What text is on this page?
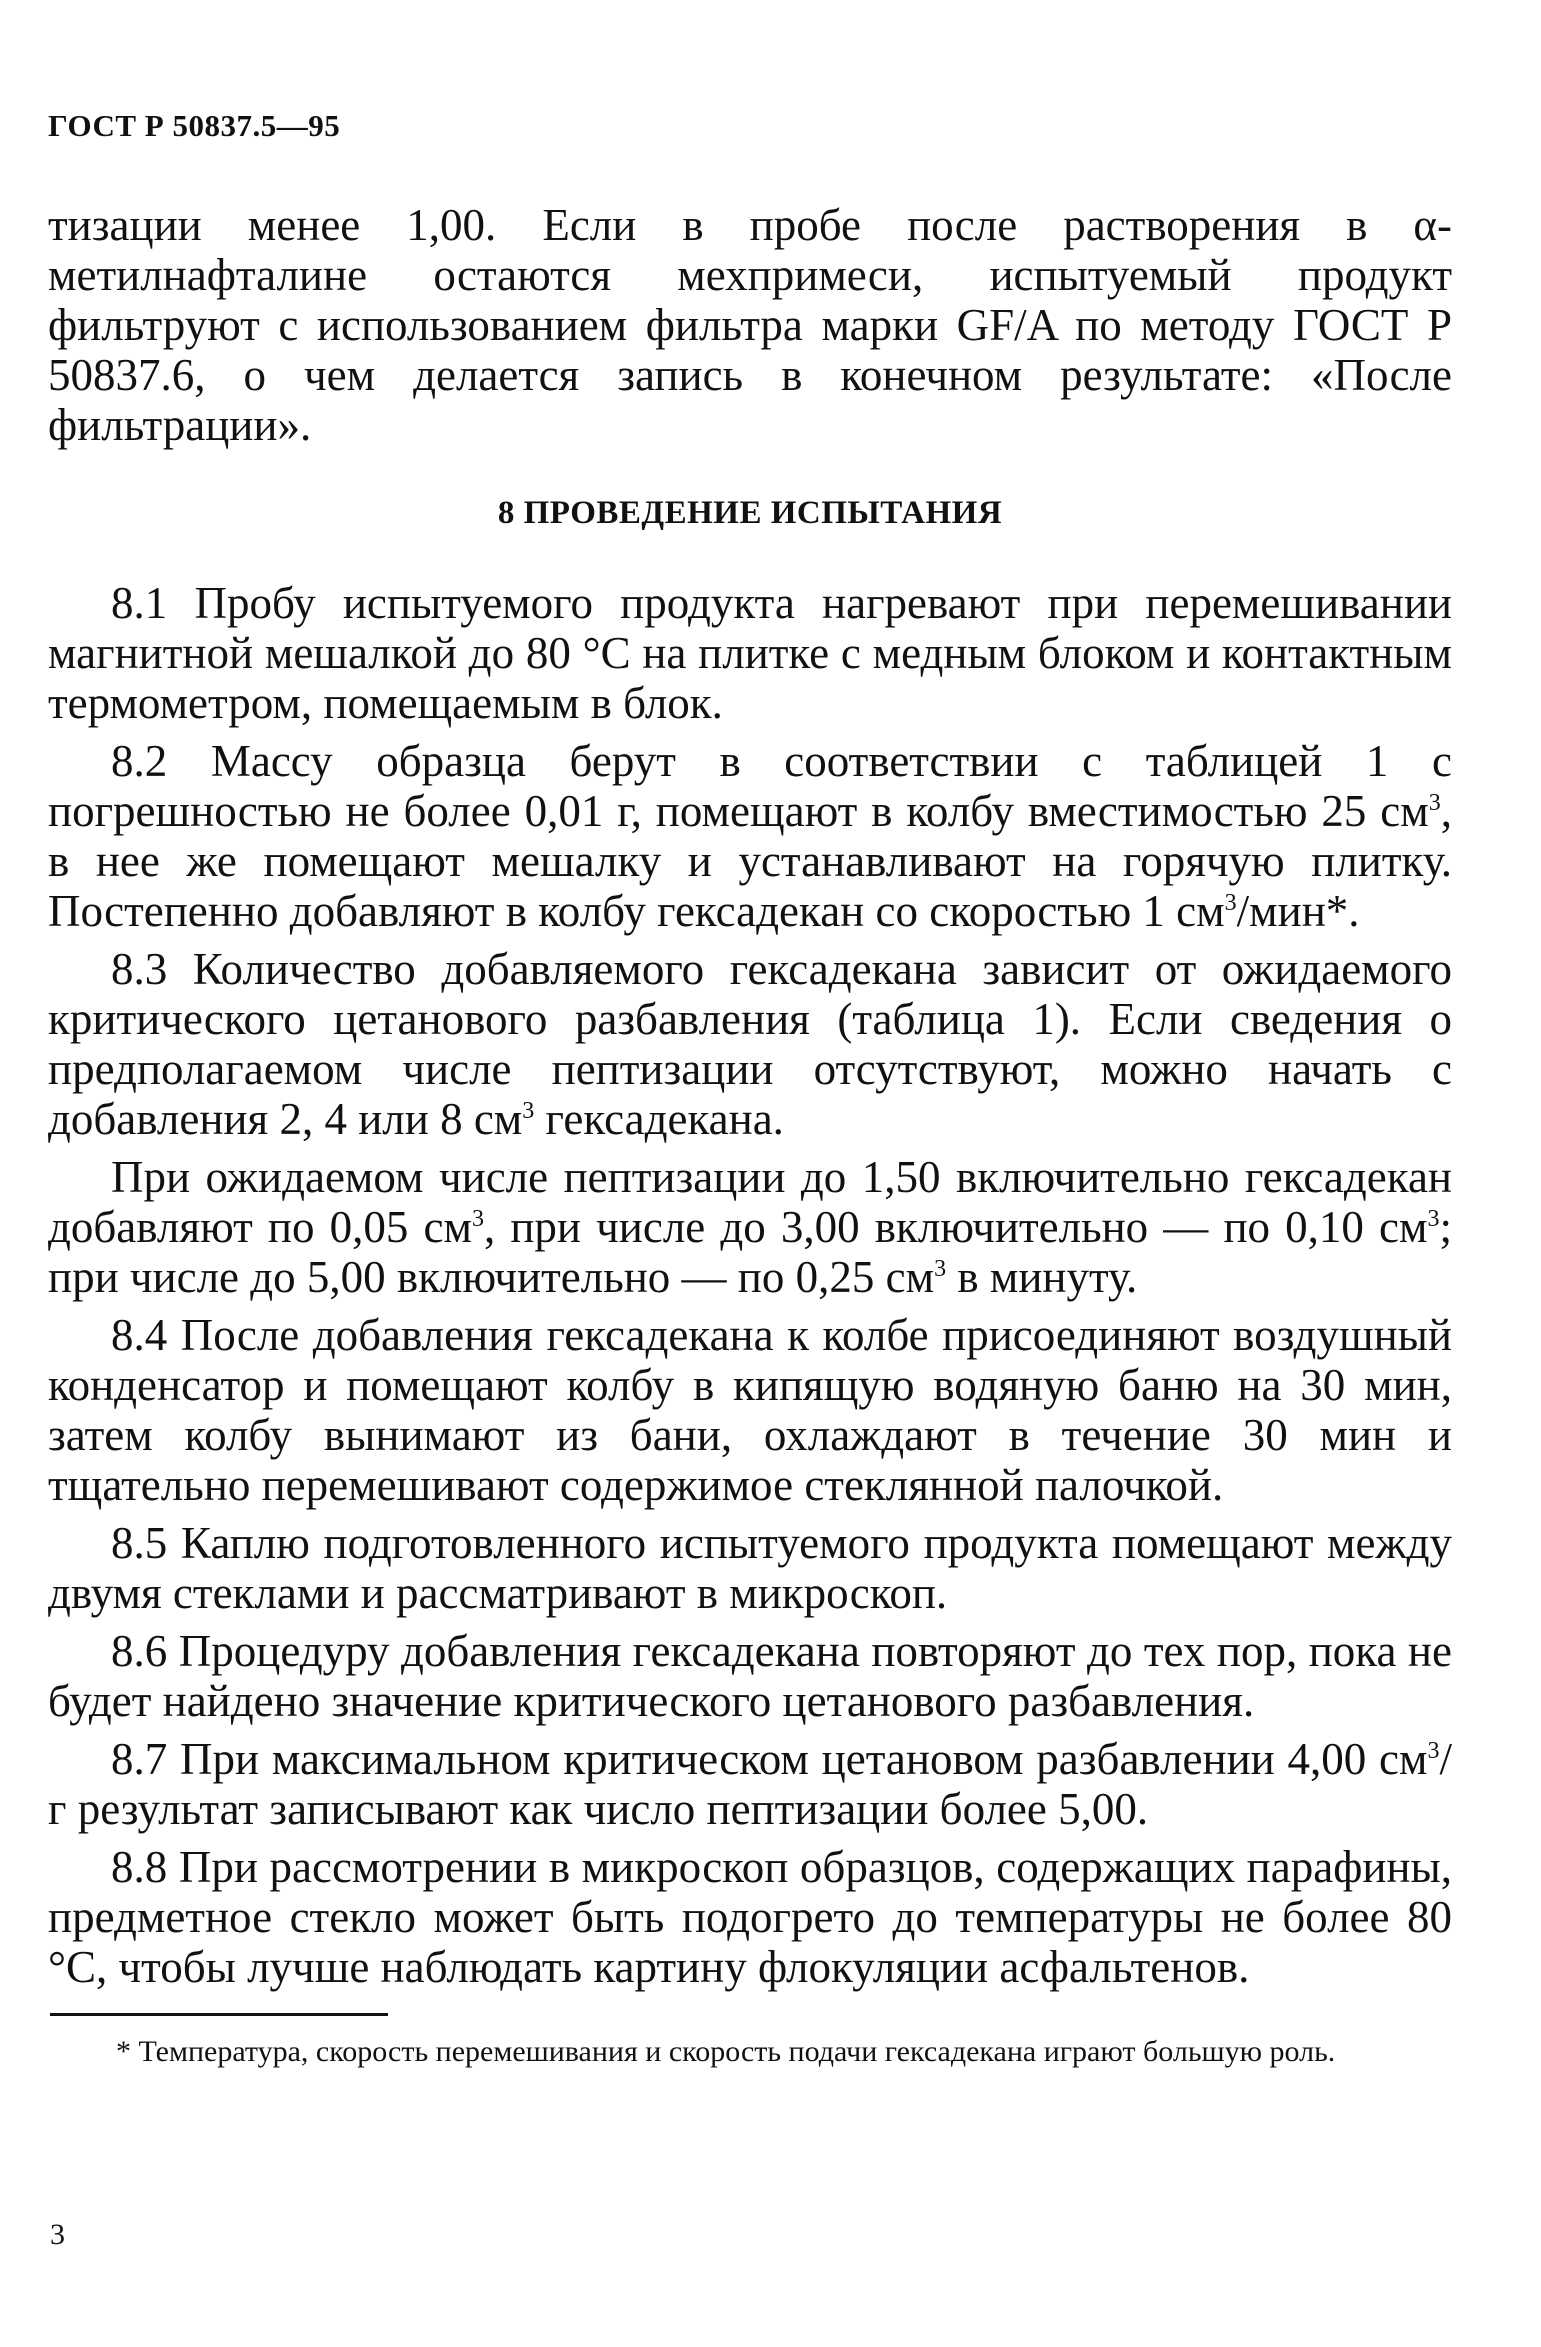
ГОСТ Р 50837.5—95

тизации менее 1,00. Если в пробе после растворения в α-метилнафталине остаются мехпримеси, испытуемый продукт фильтруют с использованием фильтра марки GF/A по методу ГОСТ Р 50837.6, о чем делается запись в конечном результате: «После фильтрации».

8 ПРОВЕДЕНИЕ ИСПЫТАНИЯ

8.1 Пробу испытуемого продукта нагревают при перемешивании магнитной мешалкой до 80 °С на плитке с медным блоком и контактным термометром, помещаемым в блок.

8.2 Массу образца берут в соответствии с таблицей 1 с погрешностью не более 0,01 г, помещают в колбу вместимостью 25 $см^3$, в нее же помещают мешалку и устанавливают на горячую плитку. Постепенно добавляют в колбу гексадекан со скоростью 1 $см^3/мин*$.

8.3 Количество добавляемого гексадекана зависит от ожидаемого критического цетанового разбавления (таблица 1). Если сведения о предполагаемом числе пептизации отсутствуют, можно начать с добавления 2, 4 или 8 $см^3$ гексадекана.

При ожидаемом числе пептизации до 1,50 включительно гексадекан добавляют по 0,05 $см^3$, при числе до 3,00 включительно — по 0,10 $см^3$; при числе до 5,00 включительно — по 0,25 $см^3$ в минуту.

8.4 После добавления гексадекана к колбе присоединяют воздушный конденсатор и помещают колбу в кипящую водяную баню на 30 мин, затем колбу вынимают из бани, охлаждают в течение 30 мин и тщательно перемешивают содержимое стеклянной палочкой.

8.5 Каплю подготовленного испытуемого продукта помещают между двумя стеклами и рассматривают в микроскоп.

8.6 Процедуру добавления гексадекана повторяют до тех пор, пока не будет найдено значение критического цетанового разбавления.

8.7 При максимальном критическом цетановом разбавлении 4,00 $см^3/г$ результат записывают как число пептизации более 5,00.

8.8 При рассмотрении в микроскоп образцов, содержащих парафины, предметное стекло может быть подогрето до температуры не более 80 °С, чтобы лучше наблюдать картину флокуляции асфальтенов.

* Температура, скорость перемешивания и скорость подачи гексадекана играют большую роль.
3
